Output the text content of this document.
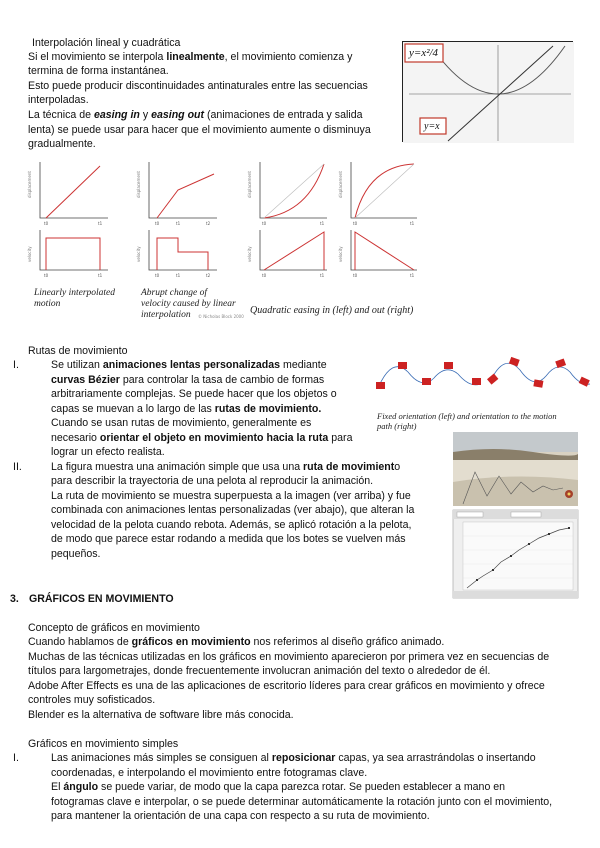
Interpolación lineal y cuadrática
Si el movimiento se interpola linealmente, el movimiento comienza y
termina de forma instantánea.
Esto puede producir discontinuidades antinaturales entre las secuencias
interpoladas.
La técnica de easing in y easing out (animaciones de entrada y salida
lenta) se puede usar para hacer que el movimiento aumente o disminuya
gradualmente.
y=x²/4
y=x
displacement	displacement	displacement	displacement
velocity	velocity	velocity	velocity
t0	t1	t0	t1	t2	t0	t1	t0	t1
t0	t1	t0	t1	t2	t0	t1	t0	t1
© Nicholas Block 2000
Linearly interpolated
motion
Abrupt change of
velocity caused by linear
interpolation	Quadratic easing in (left) and out (right)
Rutas de movimiento
I.	Se utilizan animaciones lentas personalizadas mediante
curvas Bézier para controlar la tasa de cambio de formas
arbitrariamente complejas. Se puede hacer que los objetos o
capas se muevan a lo largo de las rutas de movimiento.
Cuando se usan rutas de movimiento, generalmente es
necesario orientar el objeto en movimiento hacia la ruta para
lograr un efecto realista.
II.	La figura muestra una animación simple que usa una ruta de movimiento
para describir la trayectoria de una pelota al reproducir la animación.
La ruta de movimiento se muestra superpuesta a la imagen (ver arriba) y fue
combinada con animaciones lentas personalizadas (ver abajo), que alteran la
velocidad de la pelota cuando rebota. Además, se aplicó rotación a la pelota,
de modo que parece estar rodando a medida que los botes se vuelven más
pequeños.
Fixed orientation (left) and orientation to the motion
path (right)
3. GRÁFICOS EN MOVIMIENTO
Concepto de gráficos en movimiento
Cuando hablamos de gráficos en movimiento nos referimos al diseño gráfico animado.
Muchas de las técnicas utilizadas en los gráficos en movimiento aparecieron por primera vez en secuencias de
títulos para largometrajes, donde frecuentemente involucran animación del texto o alrededor de él.
Adobe After Effects es una de las aplicaciones de escritorio líderes para crear gráficos en movimiento y ofrece
controles muy sofisticados.
Blender es la alternativa de software libre más conocida.
Gráficos en movimiento simples
I.	Las animaciones más simples se consiguen al reposicionar capas, ya sea arrastrándolas o insertando
coordenadas, e interpolando el movimiento entre fotogramas clave.
El ángulo se puede variar, de modo que la capa parezca rotar. Se pueden establecer a mano en
fotogramas clave e interpolar, o se puede determinar automáticamente la rotación junto con el movimiento,
para mantener la orientación de una capa con respecto a su ruta de movimiento.
